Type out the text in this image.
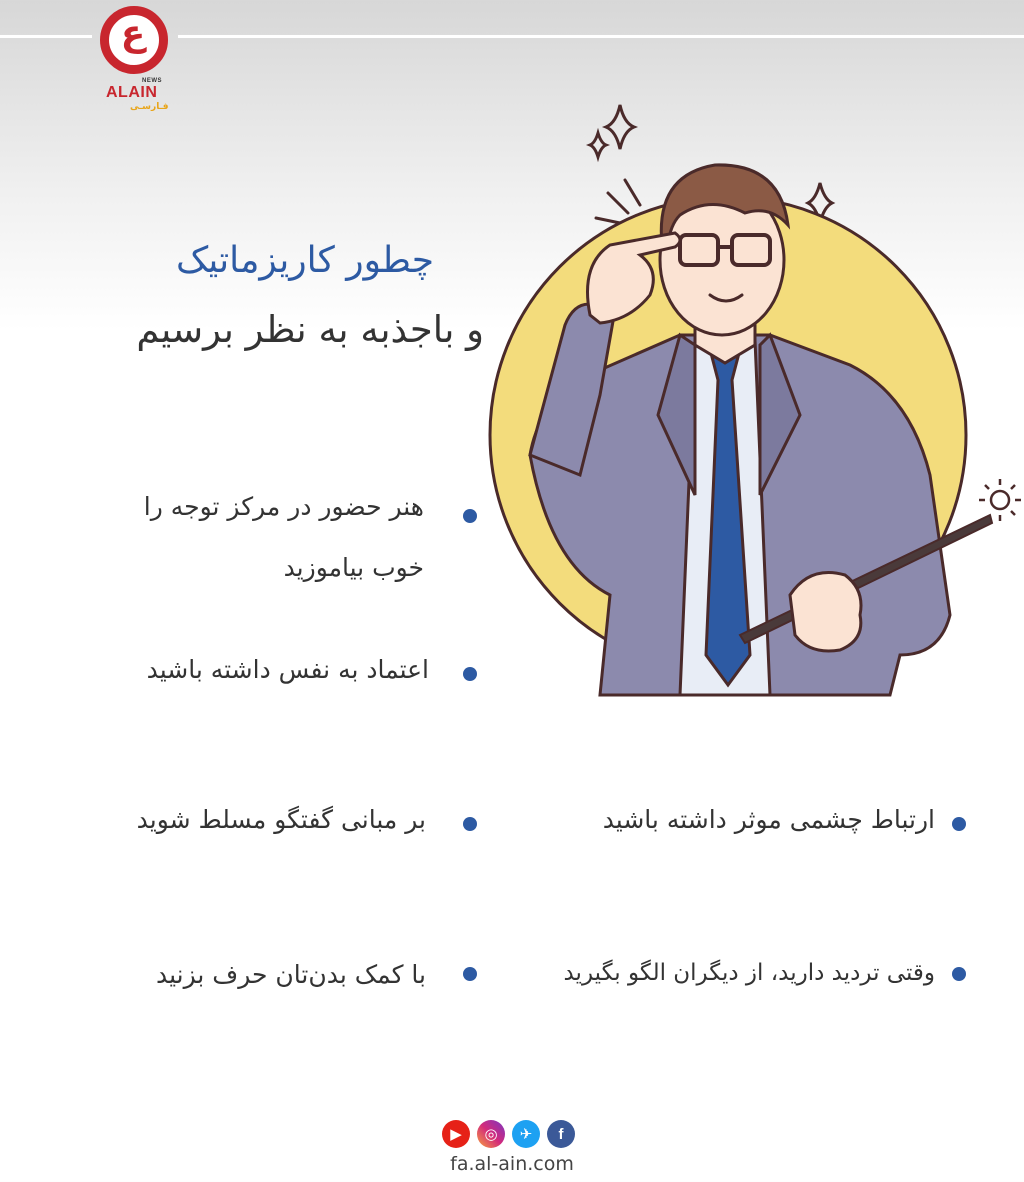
ع
NEWS
ALAIN
فـارسـی
چطور کاریزماتیک
و باجذبه به نظر برسیم
هنر حضور در مرکز توجه را
خوب بیاموزید
اعتماد به نفس داشته باشید
بر مبانی گفتگو مسلط شوید	ارتباط چشمی موثر داشته باشید
با کمک بدن‌تان حرف بزنید	وقتی تردید دارید، از دیگران الگو بگیرید
▶	◎	✈	f
fa.al-ain.com
